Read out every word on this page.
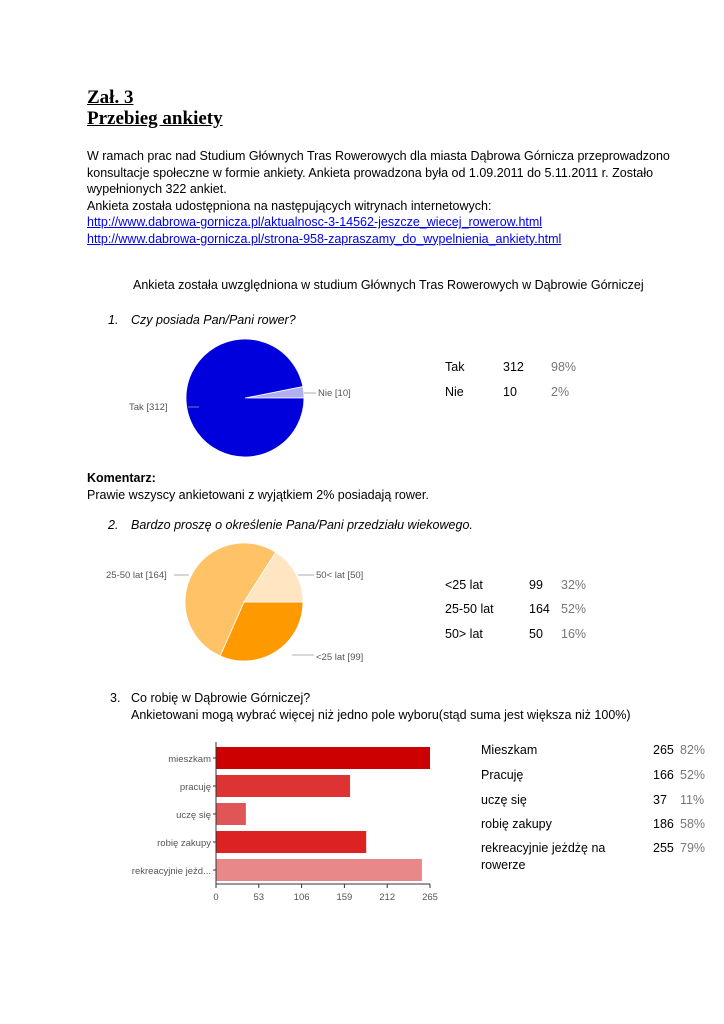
Zał. 3
Przebieg ankiety
W ramach prac nad Studium Głównych Tras Rowerowych dla miasta Dąbrowa Górnicza przeprowadzono
konsultacje społeczne w formie ankiety. Ankieta prowadzona była od 1.09.2011 do 5.11.2011 r. Zostało
wypełnionych 322 ankiet.
Ankieta została udostępniona na następujących witrynach internetowych:
http://www.dabrowa-gornicza.pl/aktualnosc-3-14562-jeszcze_wiecej_rowerow.html
http://www.dabrowa-gornicza.pl/strona-958-zapraszamy_do_wypelnienia_ankiety.html
Ankieta została uwzględniona w studium Głównych Tras Rowerowych w Dąbrowie Górniczej
1. Czy posiada Pan/Pani rower?
Tak [312]
Nie [10]
Tak	312 98%
Nie	10	2%
Komentarz:
Prawie wszyscy ankietowani z wyjątkiem 2% posiadają rower.
2. Bardzo proszę o określenie Pana/Pani przedziału wiekowego.
25-50 lat [164]	50< lat [50]
<25 lat [99]
<25 lat	99 32%
25-50 lat	164 52%
50> lat	50 16%
3. Co robię w Dąbrowie Górniczej?
Ankietowani mogą wybrać więcej niż jedno pole wyboru(stąd suma jest większa niż 100%)
mieszkam
pracuję
uczę się
robię zakupy
rekreacyjnie jeźd...
0	53	106	159	212	265
Mieszkam	265 82%
Pracuję	166 52%
uczę się	37 11%
robię zakupy	186 58%
rekreacyjnie jeżdżę na
rowerze
255 79%
